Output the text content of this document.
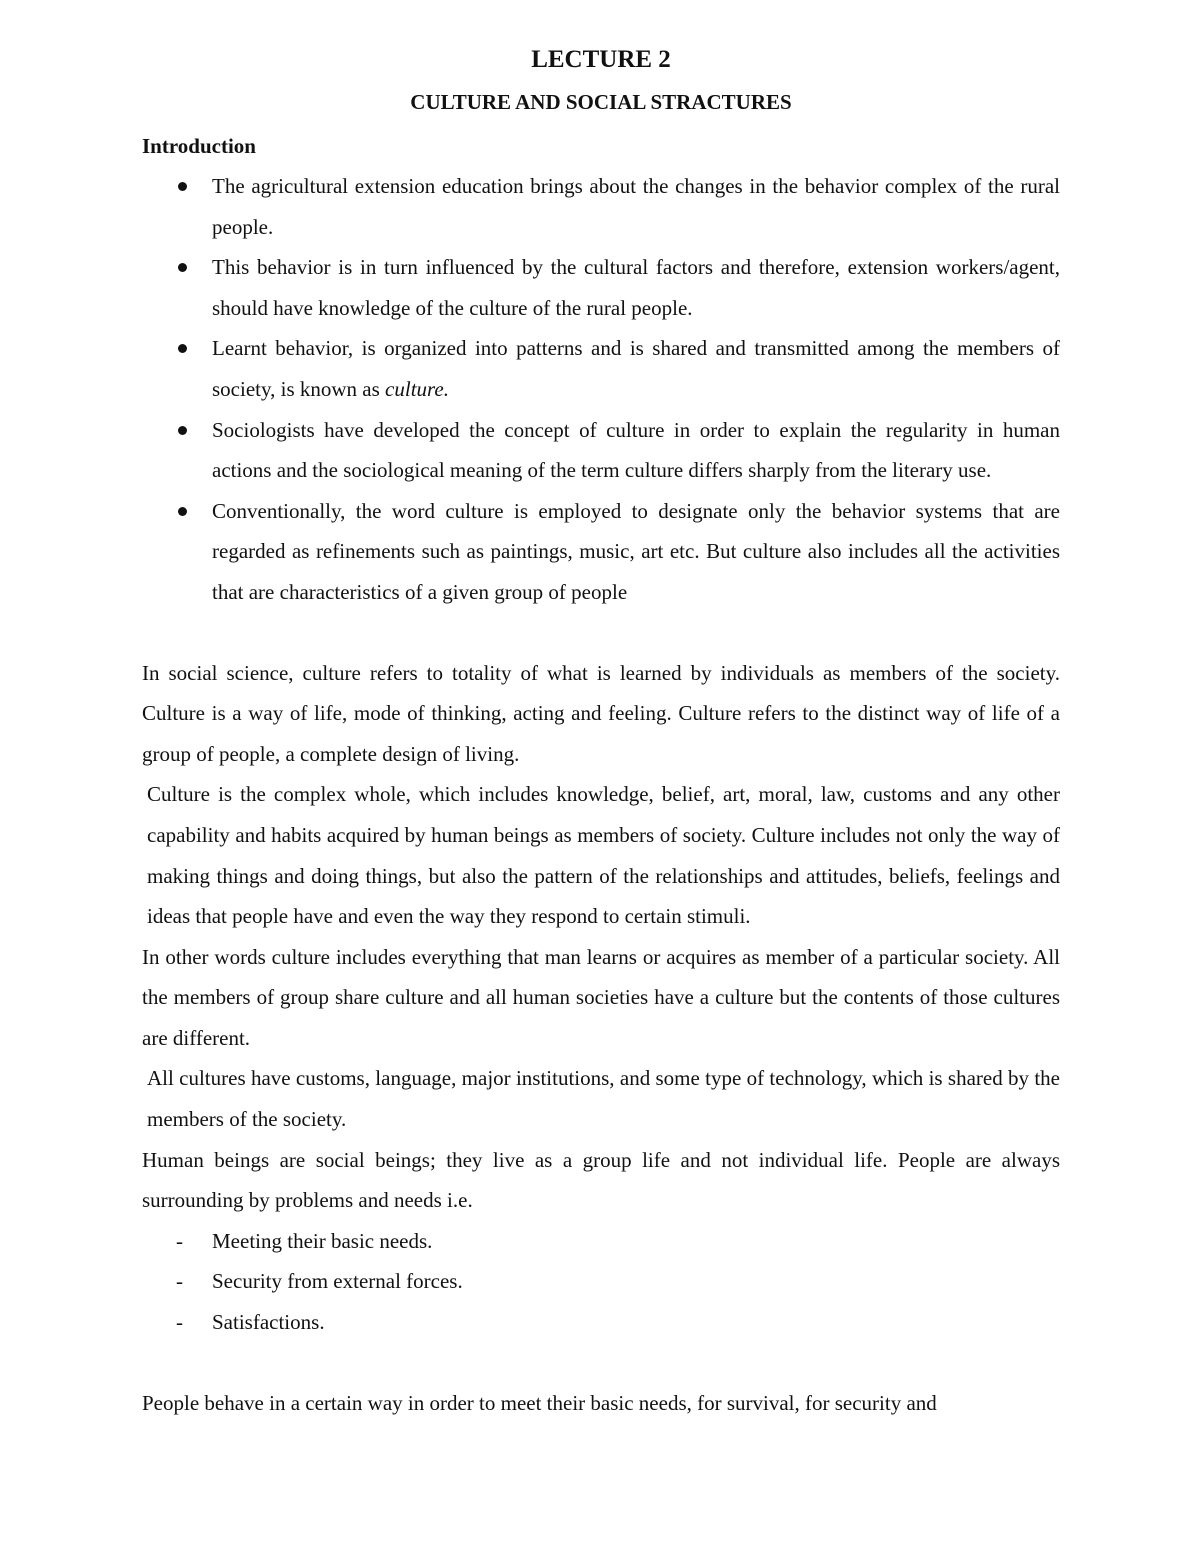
LECTURE 2
CULTURE AND SOCIAL STRACTURES
Introduction
The agricultural extension education brings about the changes in the behavior complex of the rural people.
This behavior is in turn influenced by the cultural factors and therefore, extension workers/agent, should have knowledge of the culture of the rural people.
Learnt behavior, is organized into patterns and is shared and transmitted among the members of society, is known as culture.
Sociologists have developed the concept of culture in order to explain the regularity in human actions and the sociological meaning of the term culture differs sharply from the literary use.
Conventionally, the word culture is employed to designate only the behavior systems that are regarded as refinements such as paintings, music, art etc. But culture also includes all the activities that are characteristics of a given group of people

In social science, culture refers to totality of what is learned by individuals as members of the society. Culture is a way of life, mode of thinking, acting and feeling. Culture refers to the distinct way of life of a group of people, a complete design of living.

Culture is the complex whole, which includes knowledge, belief, art, moral, law, customs and any other capability and habits acquired by human beings as members of society. Culture includes not only the way of making things and doing things, but also the pattern of the relationships and attitudes, beliefs, feelings and ideas that people have and even the way they respond to certain stimuli.

In other words culture includes everything that man learns or acquires as member of a particular society. All the members of group share culture and all human societies have a culture but the contents of those cultures are different.

All cultures have customs, language, major institutions, and some type of technology, which is shared by the members of the society.

Human beings are social beings; they live as a group life and not individual life. People are always surrounding by problems and needs i.e.

- Meeting their basic needs.
- Security from external forces.
- Satisfactions.

People behave in a certain way in order to meet their basic needs, for survival, for security and
